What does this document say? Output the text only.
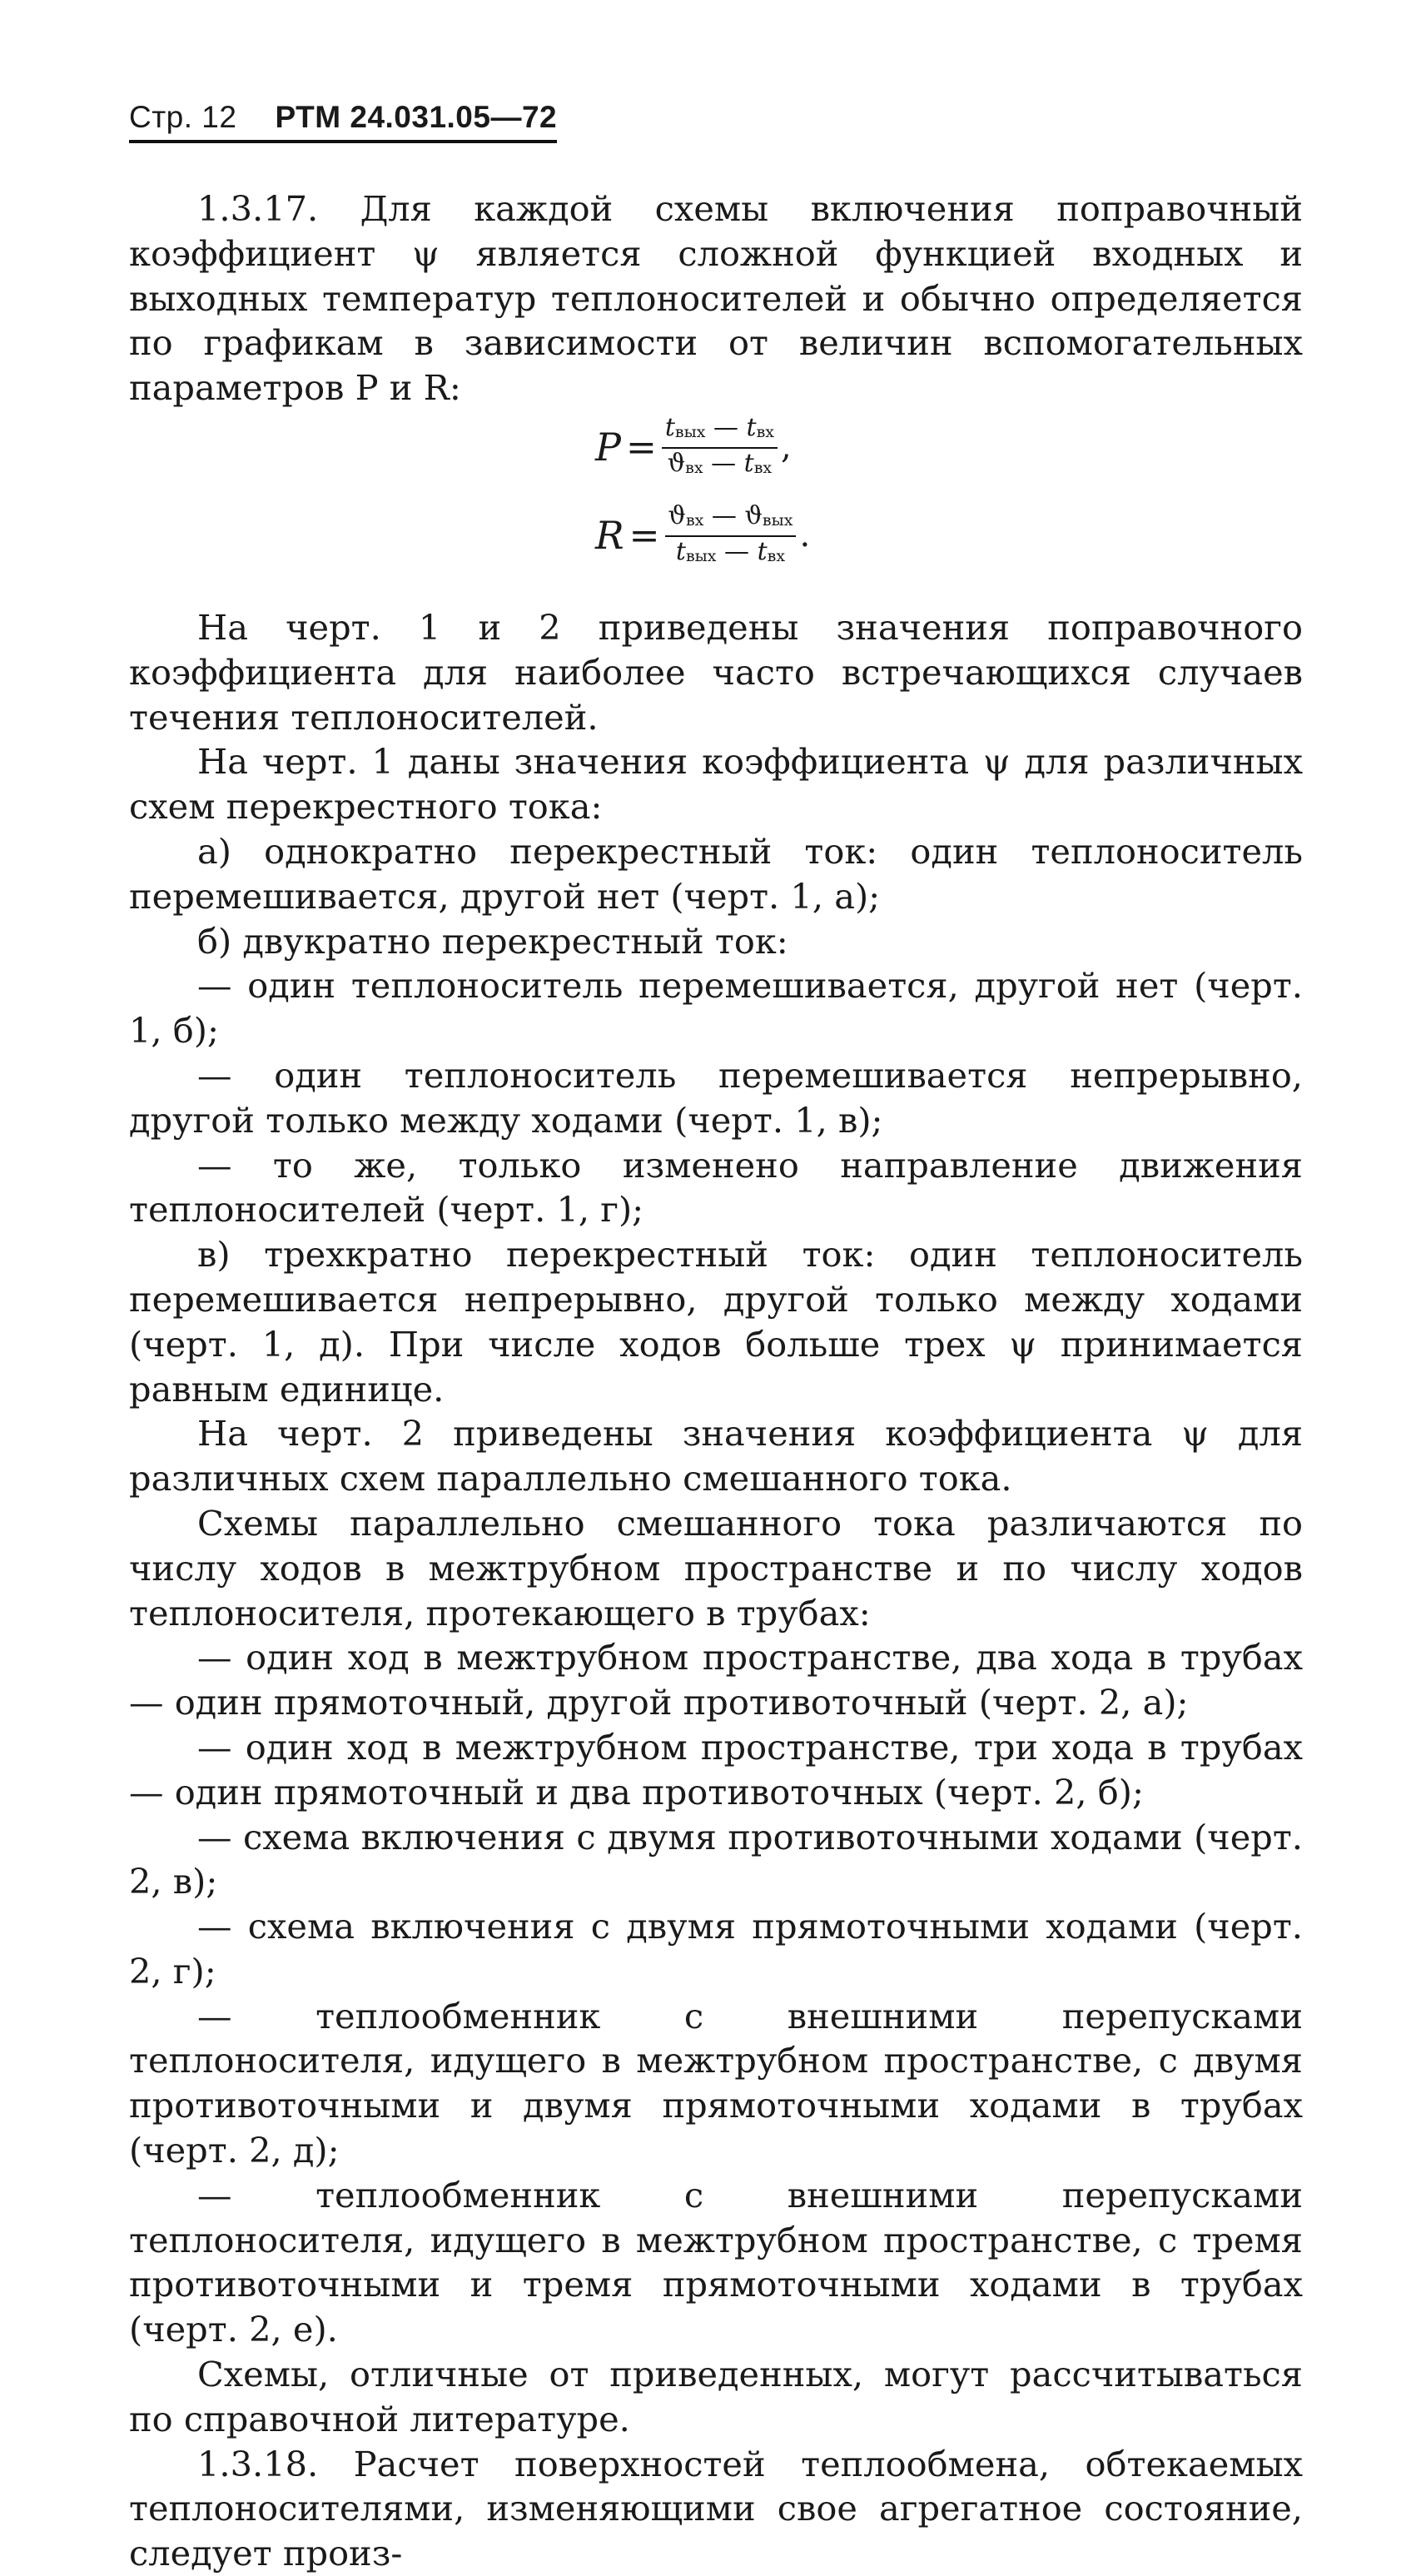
Стр. 12 РТМ 24.031.05—72

1.3.17. Для каждой схемы включения поправочный коэффициент ψ является сложной функцией входных и выходных температур теплоносителей и обычно определяется по графикам в зависимости от величин вспомогательных параметров P и R:

$P = \frac{t_{вых} — t_{вх}}{ϑ_{вх} — t_{вх}}$ ,
$R = \frac{ϑ_{вх} — ϑ_{вых}}{t_{вых} — t_{вх}}$ .

На черт. 1 и 2 приведены значения поправочного коэффициента для наиболее часто встречающихся случаев течения теплоносителей.

На черт. 1 даны значения коэффициента ψ для различных схем перекрестного тока:

а) однократно перекрестный ток: один теплоноситель перемешивается, другой нет (черт. 1, а);

б) двукратно перекрестный ток:

— один теплоноситель перемешивается, другой нет (черт. 1, б);

— один теплоноситель перемешивается непрерывно, другой только между ходами (черт. 1, в);

— то же, только изменено направление движения теплоносителей (черт. 1, г);

в) трехкратно перекрестный ток: один теплоноситель перемешивается непрерывно, другой только между ходами (черт. 1, д). При числе ходов больше трех ψ принимается равным единице.

На черт. 2 приведены значения коэффициента ψ для различных схем параллельно смешанного тока.

Схемы параллельно смешанного тока различаются по числу ходов в межтрубном пространстве и по числу ходов теплоносителя, протекающего в трубах:

— один ход в межтрубном пространстве, два хода в трубах — один прямоточный, другой противоточный (черт. 2, а);

— один ход в межтрубном пространстве, три хода в трубах — один прямоточный и два противоточных (черт. 2, б);

— схема включения с двумя противоточными ходами (черт. 2, в);

— схема включения с двумя прямоточными ходами (черт. 2, г);

— теплообменник с внешними перепусками теплоносителя, идущего в межтрубном пространстве, с двумя противоточными и двумя прямоточными ходами в трубах (черт. 2, д);

— теплообменник с внешними перепусками теплоносителя, идущего в межтрубном пространстве, с тремя противоточными и тремя прямоточными ходами в трубах (черт. 2, е).

Схемы, отличные от приведенных, могут рассчитываться по справочной литературе.

1.3.18. Расчет поверхностей теплообмена, обтекаемых теплоносителями, изменяющими свое агрегатное состояние, следует произ-
